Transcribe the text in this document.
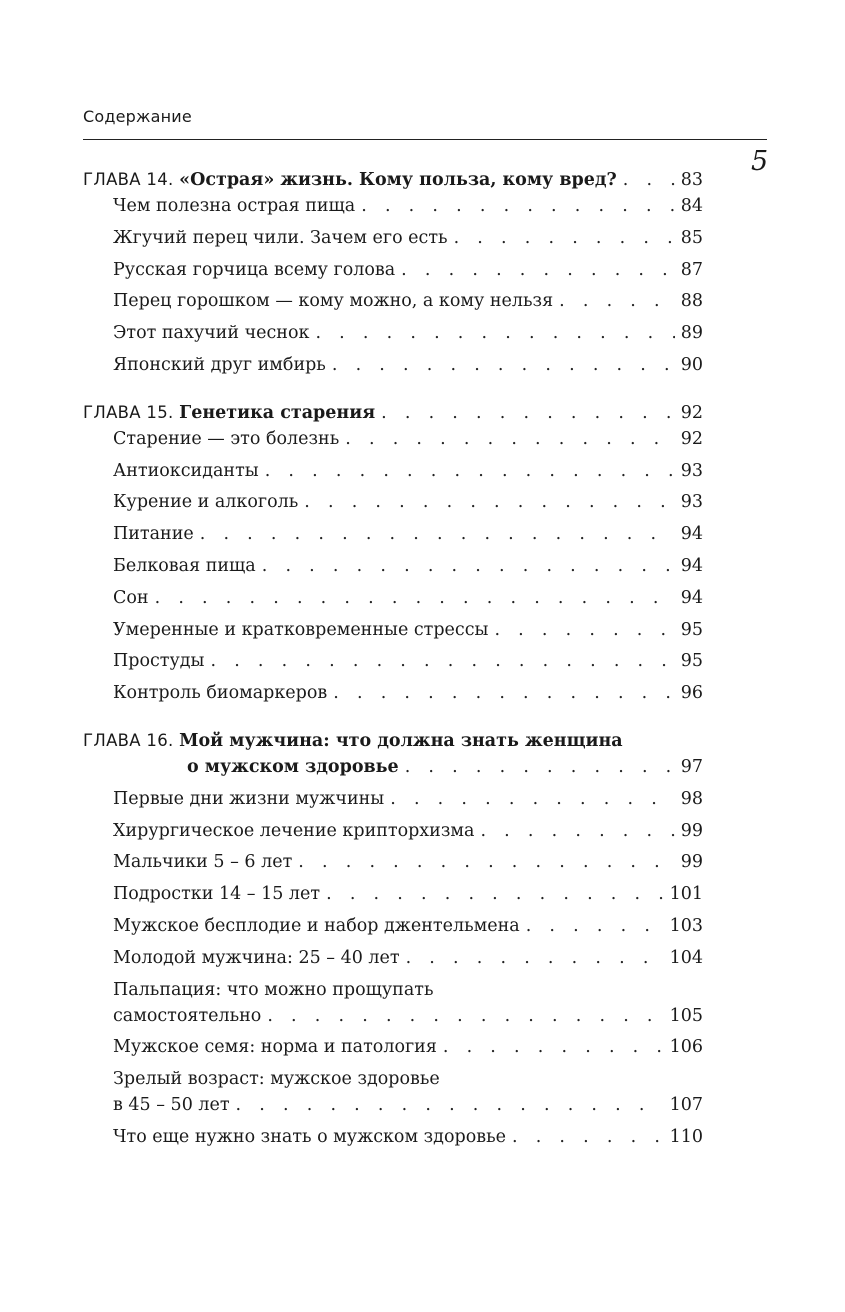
Содержание
5
ГЛАВА 14. «Острая» жизнь. Кому польза, кому вред? . . .	83
Чем полезна острая пища . . .	84
Жгучий перец чили. Зачем его есть . . .	85
Русская горчица всему голова . . .	87
Перец горошком — кому можно, а кому нельзя . . .	88
Этот пахучий чеснок . . .	89
Японский друг имбирь . . .	90
ГЛАВА 15. Генетика старения . . .	92
Старение — это болезнь . . .	92
Антиоксиданты . . .	93
Курение и алкоголь . . .	93
Питание . . .	94
Белковая пища . . .	94
Сон . . .	94
Умеренные и кратковременные стрессы . . .	95
Простуды . . .	95
Контроль биомаркеров . . .	96
ГЛАВА 16. Мой мужчина: что должна знать женщина
о мужском здоровье . . .	97
Первые дни жизни мужчины . . .	98
Хирургическое лечение крипторхизма . . .	99
Мальчики 5 – 6 лет . . .	99
Подростки 14 – 15 лет . . .	101
Мужское бесплодие и набор джентельмена . . .	103
Молодой мужчина: 25 – 40 лет . . .	104
Пальпация: что можно прощупать
самостоятельно . . .	105
Мужское семя: норма и патология . . .	106
Зрелый возраст: мужское здоровье
в 45 – 50 лет . . .	107
Что еще нужно знать о мужском здоровье . . .	110
